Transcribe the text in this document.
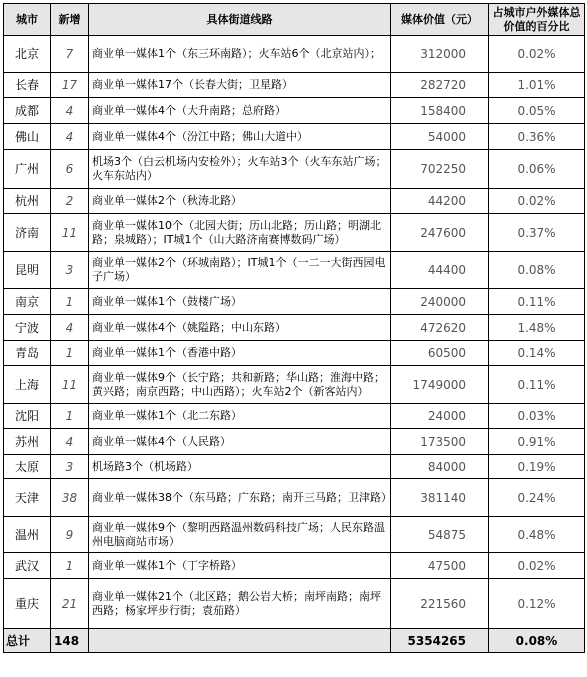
城市	新增	具体街道线路	媒体价值（元）	占城市户外媒体总价值的百分比
北京	7	商业单一媒体1个（东三环南路）；火车站6个（北京站内）；	312000	0.02%
长春	17	商业单一媒体17个（长春大街；卫星路）	282720	1.01%
成都	4	商业单一媒体4个（大升南路；总府路）	158400	0.05%
佛山	4	商业单一媒体4个（汾江中路；佛山大道中）	54000	0.36%
广州	6	机场3个（白云机场内安检外）；火车站3个（火车东站广场；火车东站内）	702250	0.06%
杭州	2	商业单一媒体2个（秋涛北路）	44200	0.02%
济南	11	商业单一媒体10个（北园大街；历山北路；历山路；明湖北路；泉城路）；IT城1个（山大路济南赛博数码广场）	247600	0.37%
昆明	3	商业单一媒体2个（环城南路）；IT城1个（一二一大街西园电子广场）	44400	0.08%
南京	1	商业单一媒体1个（鼓楼广场）	240000	0.11%
宁波	4	商业单一媒体4个（姚隘路；中山东路）	472620	1.48%
青岛	1	商业单一媒体1个（香港中路）	60500	0.14%
上海	11	商业单一媒体9个（长宁路；共和新路；华山路；淮海中路；黄兴路；南京西路；中山西路）；火车站2个（新客站内）	1749000	0.11%
沈阳	1	商业单一媒体1个（北二东路）	24000	0.03%
苏州	4	商业单一媒体4个（人民路）	173500	0.91%
太原	3	机场路3个（机场路）	84000	0.19%
天津	38	商业单一媒体38个（东马路；广东路；南开三马路；卫津路）	381140	0.24%
温州	9	商业单一媒体9个（黎明西路温州数码科技广场；人民东路温州电脑商站市场）	54875	0.48%
武汉	1	商业单一媒体1个（丁字桥路）	47500	0.02%
重庆	21	商业单一媒体21个（北区路；鹅公岩大桥；南坪南路；南坪西路；杨家坪步行街；袁茄路）	221560	0.12%
总计	148		5354265	0.08%
